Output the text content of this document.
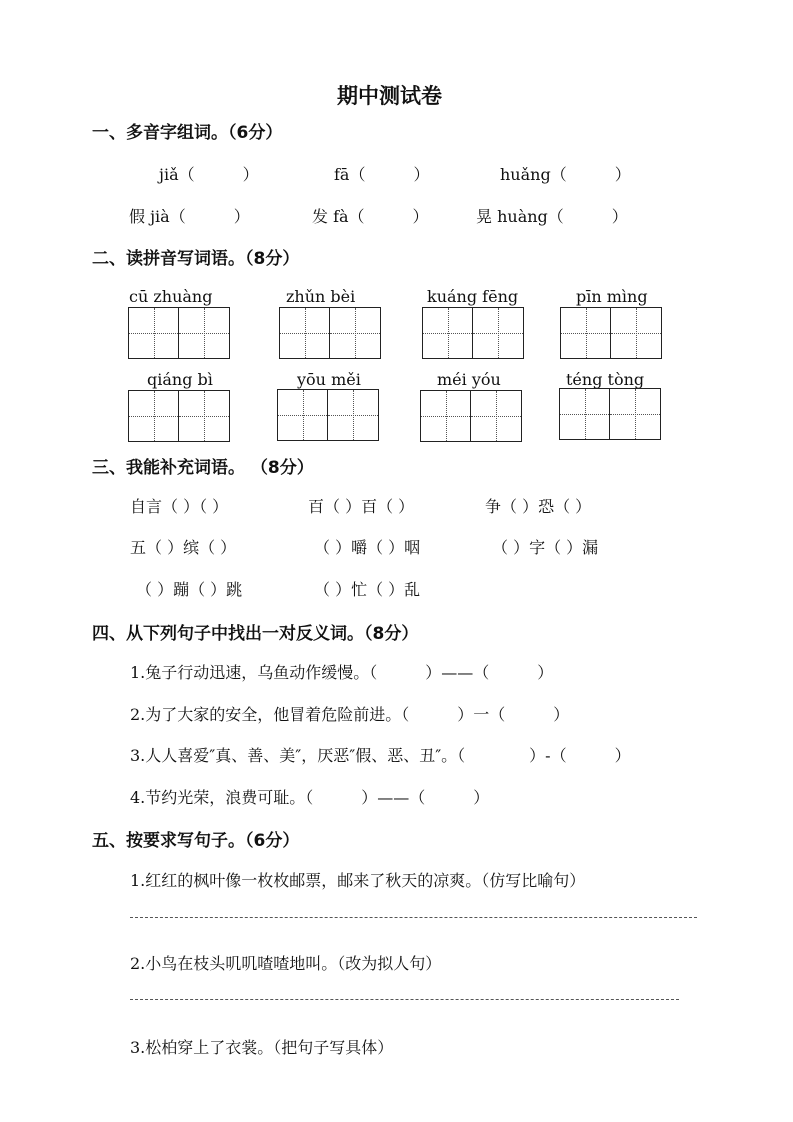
期中测试卷
一、多音字组词。（6分）
jiǎ（　　　）	fā（　　　）	huǎng（　　　）
假 jià（　　　）	发 fà（　　　）	晃 huàng（　　　）
二、读拼音写词语。（8分）
cū zhuàng	zhǔn bèi	kuáng fēng	pīn mìng
qiáng bì	yōu měi	méi yóu	téng tòng
三、我能补充词语。 （8分）
自言（ ）（ ）	百（ ）百（ ）	争（ ）恐（ ）
五（ ）缤（ ）	（ ）嚼（ ）咽	（ ）字（ ）漏
（ ）蹦（ ）跳	（ ）忙（ ）乱
四、从下列句子中找出一对反义词。（8分）
1.兔子行动迅速，乌鱼动作缓慢。（　　　）——（　　　）
2.为了大家的安全，他冒着危险前进。（　　　）一（　　　）
3.人人喜爱″真、善、美″，厌恶″假、恶、丑″。（　　　　）-（　　　）
4.节约光荣，浪费可耻。（　　　）——（　　　）
五、按要求写句子。（6分）
1.红红的枫叶像一枚枚邮票，邮来了秋天的凉爽。（仿写比喻句）
2.小鸟在枝头叽叽喳喳地叫。（改为拟人句）
3.松柏穿上了衣裳。（把句子写具体）
